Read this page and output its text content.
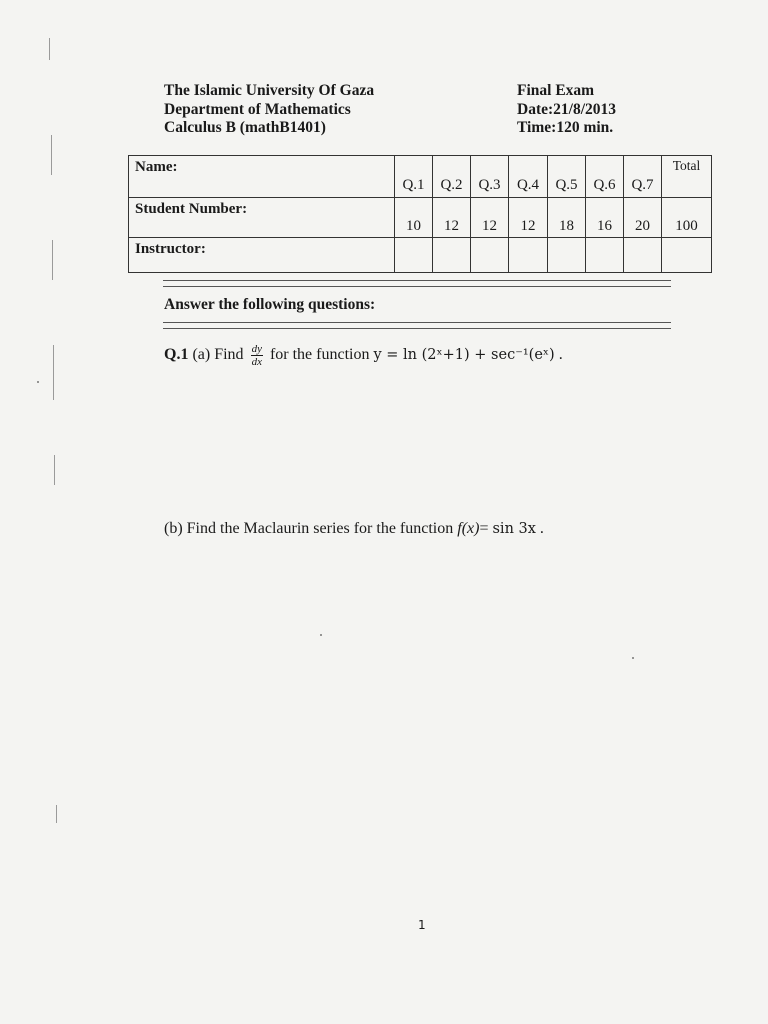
The Islamic University Of Gaza
Department of Mathematics
Calculus B (mathB1401)
Final Exam
Date:21/8/2013
Time:120 min.
Name:	Q.1	Q.2	Q.3	Q.4	Q.5	Q.6	Q.7	Total
Student Number:	10	12	12	12	18	16	20	100
Instructor:								
Answer the following questions:
Q.1 (a) Find $\frac{dy}{dx}$ for the function y = ln (2ˣ+1) + sec⁻¹(eˣ) .
(b) Find the Maclaurin series for the function f(x)= sin 3x .
1
